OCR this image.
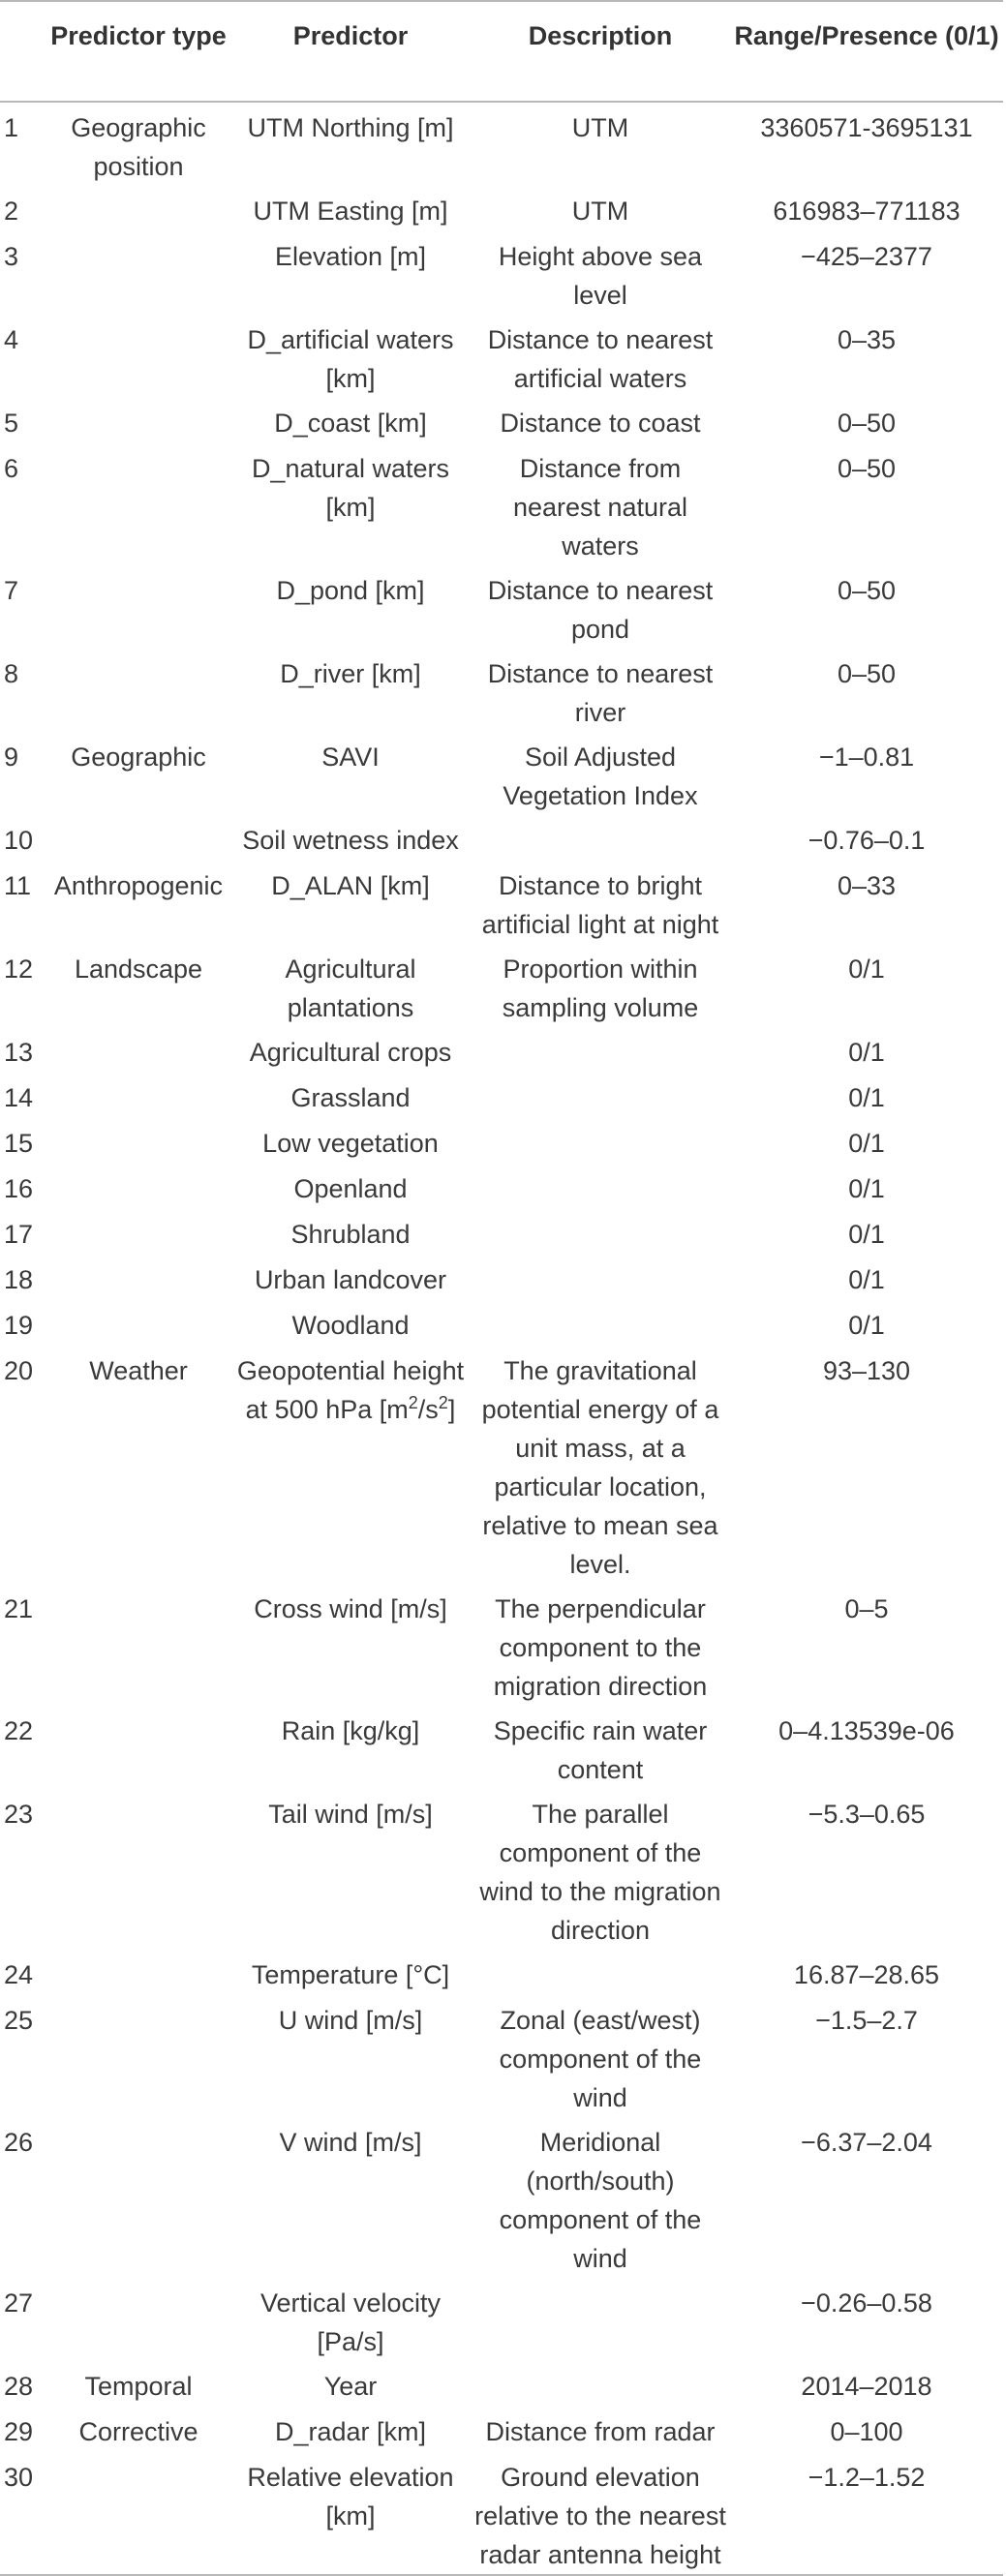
	Predictor type	Predictor	Description	Range/Presence (0/1)
1	Geographic position	UTM Northing [m]	UTM	3360571-3695131
2		UTM Easting [m]	UTM	616983–771183
3		Elevation [m]	Height above sea level	−425–2377
4		D_artificial waters [km]	Distance to nearest artificial waters	0–35
5		D_coast [km]	Distance to coast	0–50
6		D_natural waters [km]	Distance from nearest natural waters	0–50
7		D_pond [km]	Distance to nearest pond	0–50
8		D_river [km]	Distance to nearest river	0–50
9	Geographic	SAVI	Soil Adjusted Vegetation Index	−1–0.81
10		Soil wetness index		−0.76–0.1
11	Anthropogenic	D_ALAN [km]	Distance to bright artificial light at night	0–33
12	Landscape	Agricultural plantations	Proportion within sampling volume	0/1
13		Agricultural crops		0/1
14		Grassland		0/1
15		Low vegetation		0/1
16		Openland		0/1
17		Shrubland		0/1
18		Urban landcover		0/1
19		Woodland		0/1
20	Weather	Geopotential height at 500 hPa $[m^2/s^2]$	The gravitational potential energy of a unit mass, at a particular location, relative to mean sea level.	93–130
21		Cross wind [m/s]	The perpendicular component to the migration direction	0–5
22		Rain [kg/kg]	Specific rain water content	0–4.13539e-06
23		Tail wind [m/s]	The parallel component of the wind to the migration direction	−5.3–0.65
24		Temperature [°C]		16.87–28.65
25		U wind [m/s]	Zonal (east/west) component of the wind	−1.5–2.7
26		V wind [m/s]	Meridional (north/south) component of the wind	−6.37–2.04
27		Vertical velocity [Pa/s]		−0.26–0.58
28	Temporal	Year		2014–2018
29	Corrective	D_radar [km]	Distance from radar	0–100
30		Relative elevation [km]	Ground elevation relative to the nearest radar antenna height	−1.2–1.52
